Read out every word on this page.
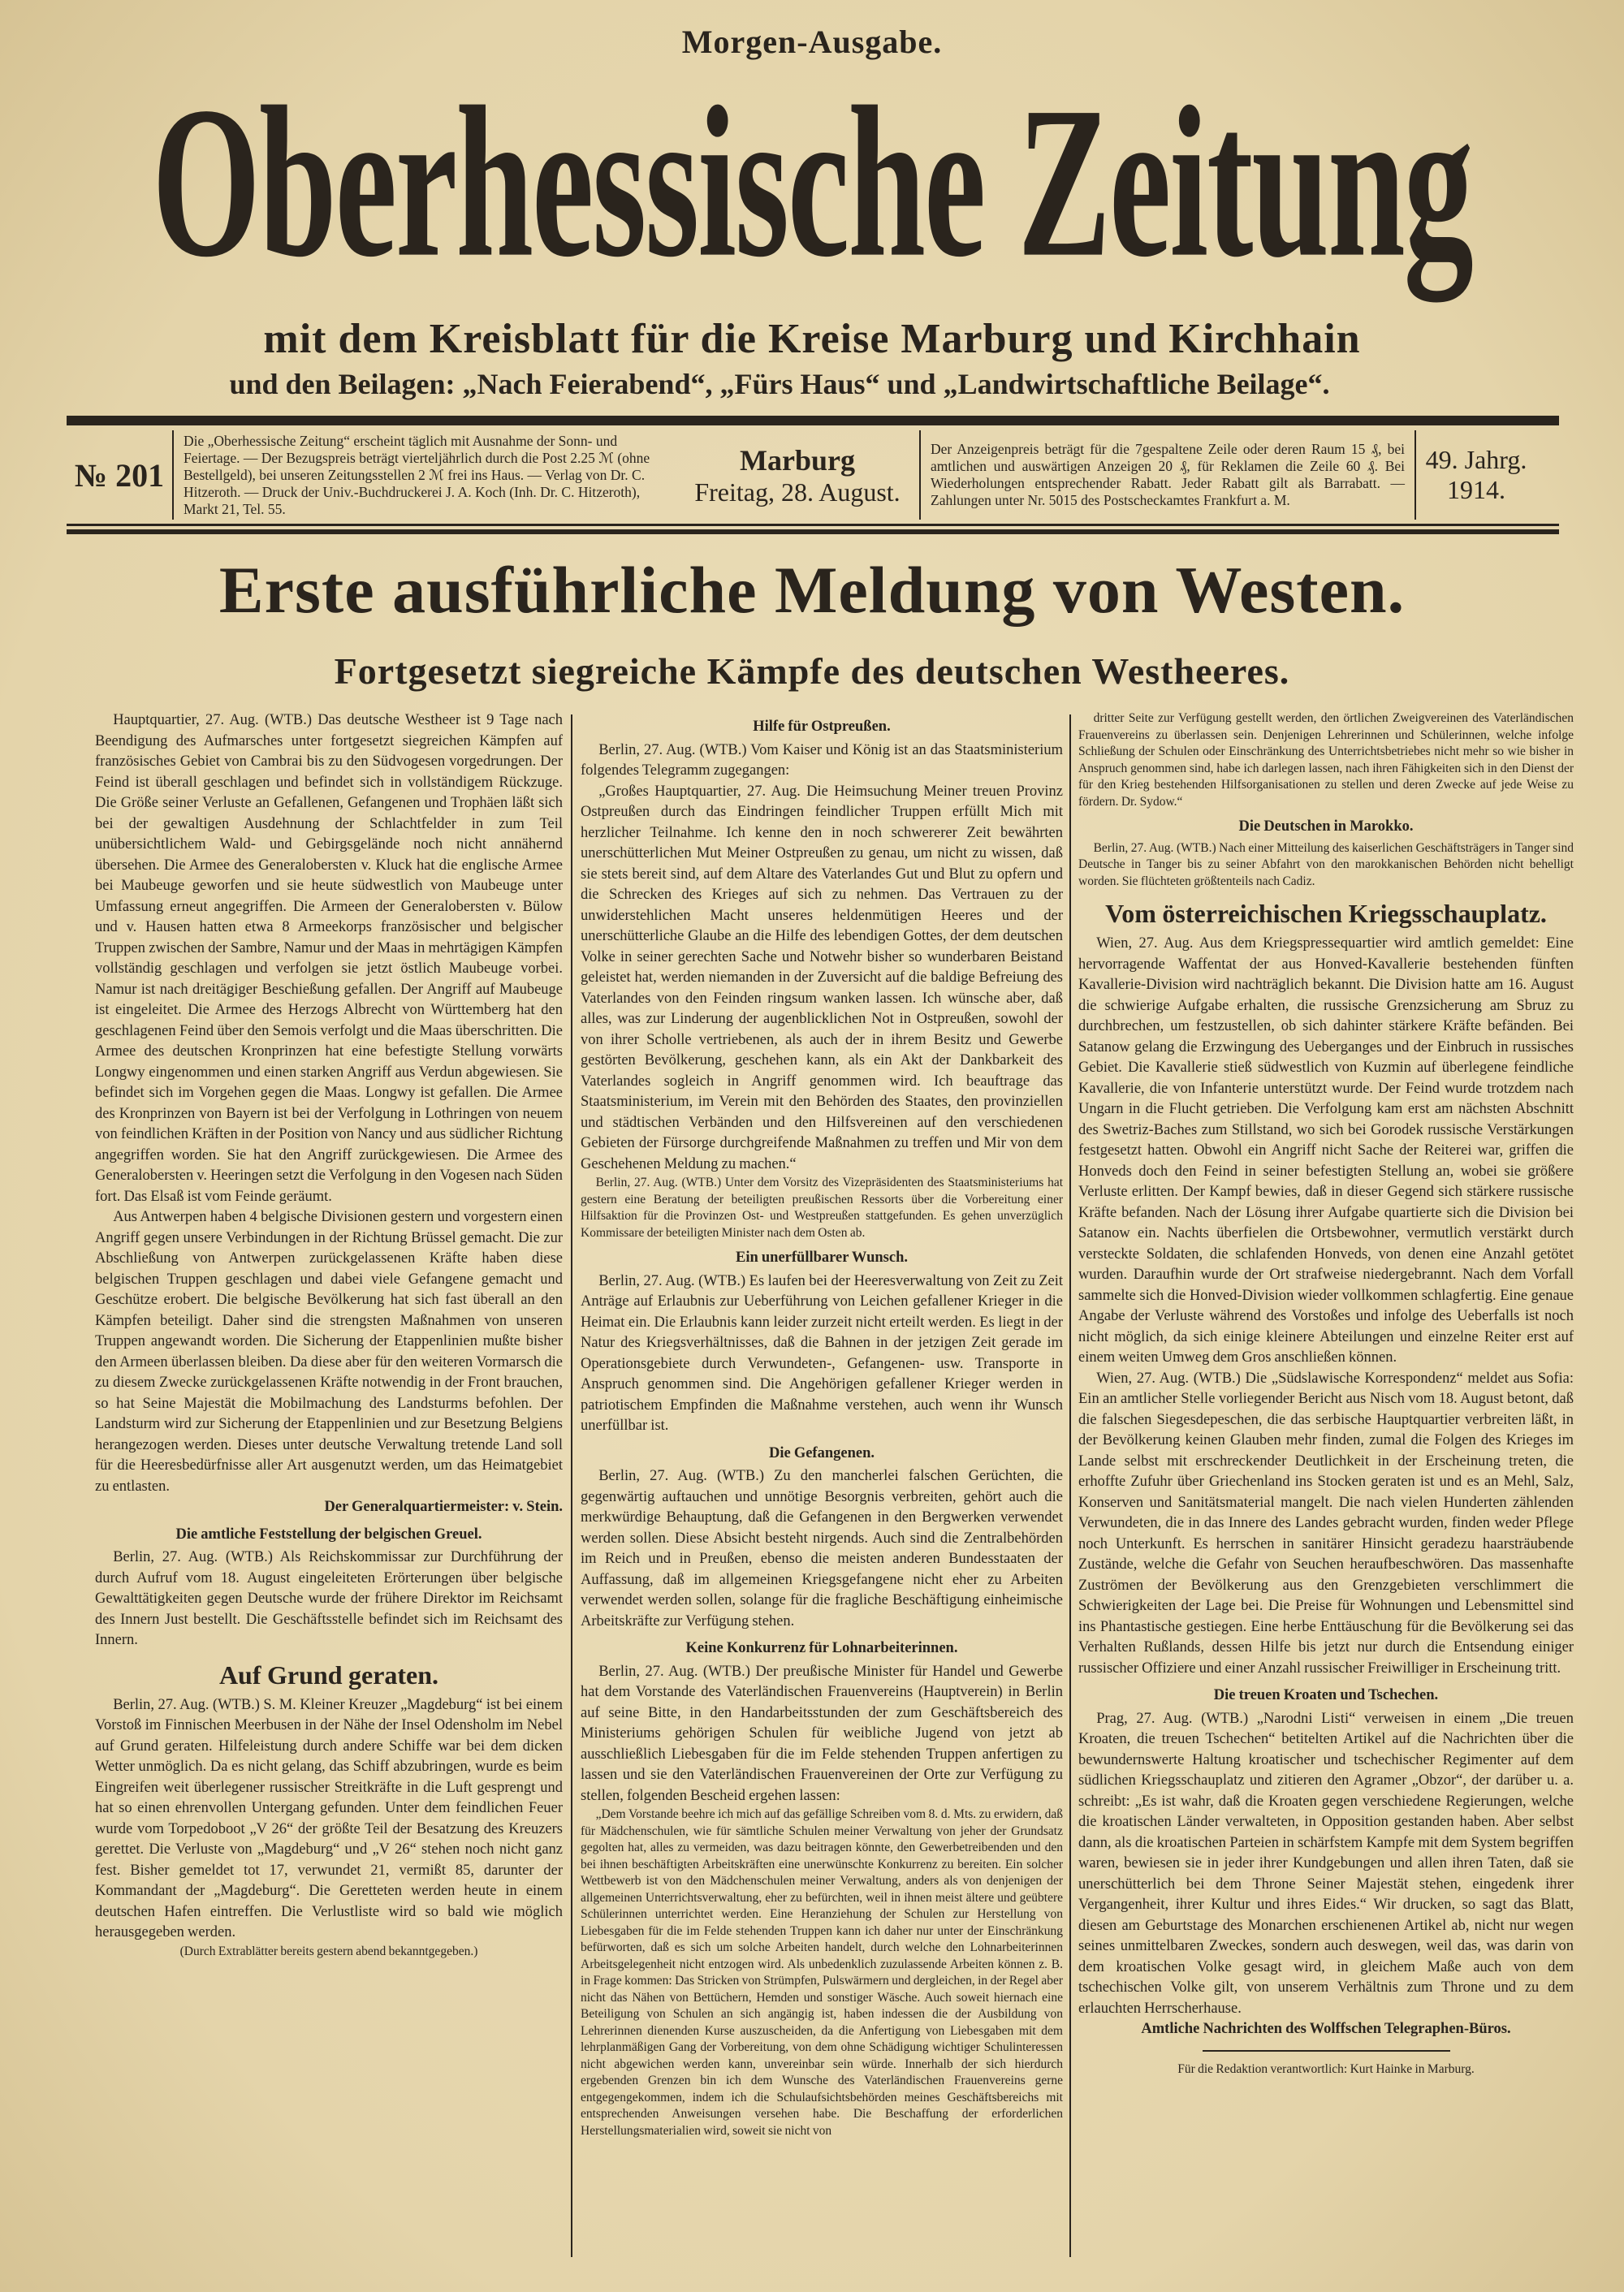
Morgen-Ausgabe.
Oberhessische Zeitung
mit dem Kreisblatt für die Kreise Marburg und Kirchhain
und den Beilagen: „Nach Feierabend“, „Fürs Haus“ und „Landwirtschaftliche Beilage“.
№ 201
Die „Oberhessische Zeitung“ erscheint täglich mit Ausnahme der Sonn- und Feiertage. — Der Bezugspreis beträgt vierteljährlich durch die Post 2.25 ℳ (ohne Bestellgeld), bei unseren Zeitungsstellen 2 ℳ frei ins Haus. — Verlag von Dr. C. Hitzeroth. — Druck der Univ.-Buchdruckerei J. A. Koch (Inh. Dr. C. Hitzeroth), Markt 21, Tel. 55.
Marburg
Freitag, 28. August.
Der Anzeigenpreis beträgt für die 7gespaltene Zeile oder deren Raum 15 ₰, bei amtlichen und auswärtigen Anzeigen 20 ₰, für Reklamen die Zeile 60 ₰. Bei Wiederholungen entsprechender Rabatt. Jeder Rabatt gilt als Barrabatt. — Zahlungen unter Nr. 5015 des Postscheckamtes Frankfurt a. M.
49. Jahrg.
1914.
Erste ausführliche Meldung von Westen.
Fortgesetzt siegreiche Kämpfe des deutschen Westheeres.

Hauptquartier, 27. Aug. (WTB.) Das deutsche Westheer ist 9 Tage nach Beendigung des Aufmarsches unter fortgesetzt siegreichen Kämpfen auf französisches Gebiet von Cambrai bis zu den Südvogesen vorgedrungen. Der Feind ist überall geschlagen und befindet sich in vollständigem Rückzuge. Die Größe seiner Verluste an Gefallenen, Gefangenen und Trophäen läßt sich bei der gewaltigen Ausdehnung der Schlachtfelder in zum Teil unübersichtlichem Wald- und Gebirgsgelände noch nicht annähernd übersehen. Die Armee des Generalobersten v. Kluck hat die englische Armee bei Maubeuge geworfen und sie heute südwestlich von Maubeuge unter Umfassung erneut angegriffen. Die Armeen der Generalobersten v. Bülow und v. Hausen hatten etwa 8 Armeekorps französischer und belgischer Truppen zwischen der Sambre, Namur und der Maas in mehrtägigen Kämpfen vollständig geschlagen und verfolgen sie jetzt östlich Maubeuge vorbei. Namur ist nach dreitägiger Beschießung gefallen. Der Angriff auf Maubeuge ist eingeleitet. Die Armee des Herzogs Albrecht von Württemberg hat den geschlagenen Feind über den Semois verfolgt und die Maas überschritten. Die Armee des deutschen Kronprinzen hat eine befestigte Stellung vorwärts Longwy eingenommen und einen starken Angriff aus Verdun abgewiesen. Sie befindet sich im Vorgehen gegen die Maas. Longwy ist gefallen. Die Armee des Kronprinzen von Bayern ist bei der Verfolgung in Lothringen von neuem von feindlichen Kräften in der Position von Nancy und aus südlicher Richtung angegriffen worden. Sie hat den Angriff zurückgewiesen. Die Armee des Generalobersten v. Heeringen setzt die Verfolgung in den Vogesen nach Süden fort. Das Elsaß ist vom Feinde geräumt.

Aus Antwerpen haben 4 belgische Divisionen gestern und vorgestern einen Angriff gegen unsere Verbindungen in der Richtung Brüssel gemacht. Die zur Abschließung von Antwerpen zurückgelassenen Kräfte haben diese belgischen Truppen geschlagen und dabei viele Gefangene gemacht und Geschütze erobert. Die belgische Bevölkerung hat sich fast überall an den Kämpfen beteiligt. Daher sind die strengsten Maßnahmen von unseren Truppen angewandt worden. Die Sicherung der Etappenlinien mußte bisher den Armeen überlassen bleiben. Da diese aber für den weiteren Vormarsch die zu diesem Zwecke zurückgelassenen Kräfte notwendig in der Front brauchen, so hat Seine Majestät die Mobilmachung des Landsturms befohlen. Der Landsturm wird zur Sicherung der Etappenlinien und zur Besetzung Belgiens herangezogen werden. Dieses unter deutsche Verwaltung tretende Land soll für die Heeresbedürfnisse aller Art ausgenutzt werden, um das Heimatgebiet zu entlasten.

Der Generalquartiermeister: v. Stein.

Die amtliche Feststellung der belgischen Greuel.

Berlin, 27. Aug. (WTB.) Als Reichskommissar zur Durchführung der durch Aufruf vom 18. August eingeleiteten Erörterungen über belgische Gewalttätigkeiten gegen Deutsche wurde der frühere Direktor im Reichsamt des Innern Just bestellt. Die Geschäftsstelle befindet sich im Reichsamt des Innern.

Auf Grund geraten.

Berlin, 27. Aug. (WTB.) S. M. Kleiner Kreuzer „Magdeburg“ ist bei einem Vorstoß im Finnischen Meerbusen in der Nähe der Insel Odensholm im Nebel auf Grund geraten. Hilfeleistung durch andere Schiffe war bei dem dicken Wetter unmöglich. Da es nicht gelang, das Schiff abzubringen, wurde es beim Eingreifen weit überlegener russischer Streitkräfte in die Luft gesprengt und hat so einen ehrenvollen Untergang gefunden. Unter dem feindlichen Feuer wurde vom Torpedoboot „V 26“ der größte Teil der Besatzung des Kreuzers gerettet. Die Verluste von „Magdeburg“ und „V 26“ stehen noch nicht ganz fest. Bisher gemeldet tot 17, verwundet 21, vermißt 85, darunter der Kommandant der „Magdeburg“. Die Geretteten werden heute in einem deutschen Hafen eintreffen. Die Verlustliste wird so bald wie möglich herausgegeben werden.

(Durch Extrablätter bereits gestern abend bekanntgegeben.)

Hilfe für Ostpreußen.

Berlin, 27. Aug. (WTB.) Vom Kaiser und König ist an das Staatsministerium folgendes Telegramm zugegangen:

„Großes Hauptquartier, 27. Aug. Die Heimsuchung Meiner treuen Provinz Ostpreußen durch das Eindringen feindlicher Truppen erfüllt Mich mit herzlicher Teilnahme. Ich kenne den in noch schwererer Zeit bewährten unerschütterlichen Mut Meiner Ostpreußen zu genau, um nicht zu wissen, daß sie stets bereit sind, auf dem Altare des Vaterlandes Gut und Blut zu opfern und die Schrecken des Krieges auf sich zu nehmen. Das Vertrauen zu der unwiderstehlichen Macht unseres heldenmütigen Heeres und der unerschütterliche Glaube an die Hilfe des lebendigen Gottes, der dem deutschen Volke in seiner gerechten Sache und Notwehr bisher so wunderbaren Beistand geleistet hat, werden niemanden in der Zuversicht auf die baldige Befreiung des Vaterlandes von den Feinden ringsum wanken lassen. Ich wünsche aber, daß alles, was zur Linderung der augenblicklichen Not in Ostpreußen, sowohl der von ihrer Scholle vertriebenen, als auch der in ihrem Besitz und Gewerbe gestörten Bevölkerung, geschehen kann, als ein Akt der Dankbarkeit des Vaterlandes sogleich in Angriff genommen wird. Ich beauftrage das Staatsministerium, im Verein mit den Behörden des Staates, den provinziellen und städtischen Verbänden und den Hilfsvereinen auf den verschiedenen Gebieten der Fürsorge durchgreifende Maßnahmen zu treffen und Mir von dem Geschehenen Meldung zu machen.“

Berlin, 27. Aug. (WTB.) Unter dem Vorsitz des Vizepräsidenten des Staatsministeriums hat gestern eine Beratung der beteiligten preußischen Ressorts über die Vorbereitung einer Hilfsaktion für die Provinzen Ost- und Westpreußen stattgefunden. Es gehen unverzüglich Kommissare der beteiligten Minister nach dem Osten ab.

Ein unerfüllbarer Wunsch.

Berlin, 27. Aug. (WTB.) Es laufen bei der Heeresverwaltung von Zeit zu Zeit Anträge auf Erlaubnis zur Ueberführung von Leichen gefallener Krieger in die Heimat ein. Die Erlaubnis kann leider zurzeit nicht erteilt werden. Es liegt in der Natur des Kriegsverhältnisses, daß die Bahnen in der jetzigen Zeit gerade im Operationsgebiete durch Verwundeten-, Gefangenen- usw. Transporte in Anspruch genommen sind. Die Angehörigen gefallener Krieger werden in patriotischem Empfinden die Maßnahme verstehen, auch wenn ihr Wunsch unerfüllbar ist.

Die Gefangenen.

Berlin, 27. Aug. (WTB.) Zu den mancherlei falschen Gerüchten, die gegenwärtig auftauchen und unnötige Besorgnis verbreiten, gehört auch die merkwürdige Behauptung, daß die Gefangenen in den Bergwerken verwendet werden sollen. Diese Absicht besteht nirgends. Auch sind die Zentralbehörden im Reich und in Preußen, ebenso die meisten anderen Bundesstaaten der Auffassung, daß im allgemeinen Kriegsgefangene nicht eher zu Arbeiten verwendet werden sollen, solange für die fragliche Beschäftigung einheimische Arbeitskräfte zur Verfügung stehen.

Keine Konkurrenz für Lohnarbeiterinnen.

Berlin, 27. Aug. (WTB.) Der preußische Minister für Handel und Gewerbe hat dem Vorstande des Vaterländischen Frauenvereins (Hauptverein) in Berlin auf seine Bitte, in den Handarbeitsstunden der zum Geschäftsbereich des Ministeriums gehörigen Schulen für weibliche Jugend von jetzt ab ausschließlich Liebesgaben für die im Felde stehenden Truppen anfertigen zu lassen und sie den Vaterländischen Frauenvereinen der Orte zur Verfügung zu stellen, folgenden Bescheid ergehen lassen:

„Dem Vorstande beehre ich mich auf das gefällige Schreiben vom 8. d. Mts. zu erwidern, daß für Mädchenschulen, wie für sämtliche Schulen meiner Verwaltung von jeher der Grundsatz gegolten hat, alles zu vermeiden, was dazu beitragen könnte, den Gewerbetreibenden und den bei ihnen beschäftigten Arbeitskräften eine unerwünschte Konkurrenz zu bereiten. Ein solcher Wettbewerb ist von den Mädchenschulen meiner Verwaltung, anders als von denjenigen der allgemeinen Unterrichtsverwaltung, eher zu befürchten, weil in ihnen meist ältere und geübtere Schülerinnen unterrichtet werden. Eine Heranziehung der Schulen zur Herstellung von Liebesgaben für die im Felde stehenden Truppen kann ich daher nur unter der Einschränkung befürworten, daß es sich um solche Arbeiten handelt, durch welche den Lohnarbeiterinnen Arbeitsgelegenheit nicht entzogen wird. Als unbedenklich zuzulassende Arbeiten können z. B. in Frage kommen: Das Stricken von Strümpfen, Pulswärmern und dergleichen, in der Regel aber nicht das Nähen von Bettüchern, Hemden und sonstiger Wäsche. Auch soweit hiernach eine Beteiligung von Schulen an sich angängig ist, haben indessen die der Ausbildung von Lehrerinnen dienenden Kurse auszuscheiden, da die Anfertigung von Liebesgaben mit dem lehrplanmäßigen Gang der Vorbereitung, von dem ohne Schädigung wichtiger Schulinteressen nicht abgewichen werden kann, unvereinbar sein würde. Innerhalb der sich hierdurch ergebenden Grenzen bin ich dem Wunsche des Vaterländischen Frauenvereins gerne entgegengekommen, indem ich die Schulaufsichtsbehörden meines Geschäftsbereichs mit entsprechenden Anweisungen versehen habe. Die Beschaffung der erforderlichen Herstellungsmaterialien wird, soweit sie nicht von

dritter Seite zur Verfügung gestellt werden, den örtlichen Zweigvereinen des Vaterländischen Frauenvereins zu überlassen sein. Denjenigen Lehrerinnen und Schülerinnen, welche infolge Schließung der Schulen oder Einschränkung des Unterrichtsbetriebes nicht mehr so wie bisher in Anspruch genommen sind, habe ich darlegen lassen, nach ihren Fähigkeiten sich in den Dienst der für den Krieg bestehenden Hilfsorganisationen zu stellen und deren Zwecke auf jede Weise zu fördern. Dr. Sydow.“

Die Deutschen in Marokko.

Berlin, 27. Aug. (WTB.) Nach einer Mitteilung des kaiserlichen Geschäftsträgers in Tanger sind Deutsche in Tanger bis zu seiner Abfahrt von den marokkanischen Behörden nicht behelligt worden. Sie flüchteten größtenteils nach Cadiz.

Vom österreichischen Kriegsschauplatz.

Wien, 27. Aug. Aus dem Kriegspressequartier wird amtlich gemeldet: Eine hervorragende Waffentat der aus Honved-Kavallerie bestehenden fünften Kavallerie-Division wird nachträglich bekannt. Die Division hatte am 16. August die schwierige Aufgabe erhalten, die russische Grenzsicherung am Sbruz zu durchbrechen, um festzustellen, ob sich dahinter stärkere Kräfte befänden. Bei Satanow gelang die Erzwingung des Ueberganges und der Einbruch in russisches Gebiet. Die Kavallerie stieß südwestlich von Kuzmin auf überlegene feindliche Kavallerie, die von Infanterie unterstützt wurde. Der Feind wurde trotzdem nach Ungarn in die Flucht getrieben. Die Verfolgung kam erst am nächsten Abschnitt des Swetriz-Baches zum Stillstand, wo sich bei Gorodek russische Verstärkungen festgesetzt hatten. Obwohl ein Angriff nicht Sache der Reiterei war, griffen die Honveds doch den Feind in seiner befestigten Stellung an, wobei sie größere Verluste erlitten. Der Kampf bewies, daß in dieser Gegend sich stärkere russische Kräfte befanden. Nach der Lösung ihrer Aufgabe quartierte sich die Division bei Satanow ein. Nachts überfielen die Ortsbewohner, vermutlich verstärkt durch versteckte Soldaten, die schlafenden Honveds, von denen eine Anzahl getötet wurden. Daraufhin wurde der Ort strafweise niedergebrannt. Nach dem Vorfall sammelte sich die Honved-Division wieder vollkommen schlagfertig. Eine genaue Angabe der Verluste während des Vorstoßes und infolge des Ueberfalls ist noch nicht möglich, da sich einige kleinere Abteilungen und einzelne Reiter erst auf einem weiten Umweg dem Gros anschließen können.

Wien, 27. Aug. (WTB.) Die „Südslawische Korrespondenz“ meldet aus Sofia: Ein an amtlicher Stelle vorliegender Bericht aus Nisch vom 18. August betont, daß die falschen Siegesdepeschen, die das serbische Hauptquartier verbreiten läßt, in der Bevölkerung keinen Glauben mehr finden, zumal die Folgen des Krieges im Lande selbst mit erschreckender Deutlichkeit in der Erscheinung treten, die erhoffte Zufuhr über Griechenland ins Stocken geraten ist und es an Mehl, Salz, Konserven und Sanitätsmaterial mangelt. Die nach vielen Hunderten zählenden Verwundeten, die in das Innere des Landes gebracht wurden, finden weder Pflege noch Unterkunft. Es herrschen in sanitärer Hinsicht geradezu haarsträubende Zustände, welche die Gefahr von Seuchen heraufbeschwören. Das massenhafte Zuströmen der Bevölkerung aus den Grenzgebieten verschlimmert die Schwierigkeiten der Lage bei. Die Preise für Wohnungen und Lebensmittel sind ins Phantastische gestiegen. Eine herbe Enttäuschung für die Bevölkerung sei das Verhalten Rußlands, dessen Hilfe bis jetzt nur durch die Entsendung einiger russischer Offiziere und einer Anzahl russischer Freiwilliger in Erscheinung tritt.

Die treuen Kroaten und Tschechen.

Prag, 27. Aug. (WTB.) „Narodni Listi“ verweisen in einem „Die treuen Kroaten, die treuen Tschechen“ betitelten Artikel auf die Nachrichten über die bewundernswerte Haltung kroatischer und tschechischer Regimenter auf dem südlichen Kriegsschauplatz und zitieren den Agramer „Obzor“, der darüber u. a. schreibt: „Es ist wahr, daß die Kroaten gegen verschiedene Regierungen, welche die kroatischen Länder verwalteten, in Opposition gestanden haben. Aber selbst dann, als die kroatischen Parteien in schärfstem Kampfe mit dem System begriffen waren, bewiesen sie in jeder ihrer Kundgebungen und allen ihren Taten, daß sie unerschütterlich bei dem Throne Seiner Majestät stehen, eingedenk ihrer Vergangenheit, ihrer Kultur und ihres Eides.“ Wir drucken, so sagt das Blatt, diesen am Geburtstage des Monarchen erschienenen Artikel ab, nicht nur wegen seines unmittelbaren Zweckes, sondern auch deswegen, weil das, was darin von dem kroatischen Volke gesagt wird, in gleichem Maße auch von dem tschechischen Volke gilt, von unserem Verhältnis zum Throne und zu dem erlauchten Herrscherhause.

Amtliche Nachrichten des Wolffschen Telegraphen-Büros.

Für die Redaktion verantwortlich: Kurt Hainke in Marburg.
